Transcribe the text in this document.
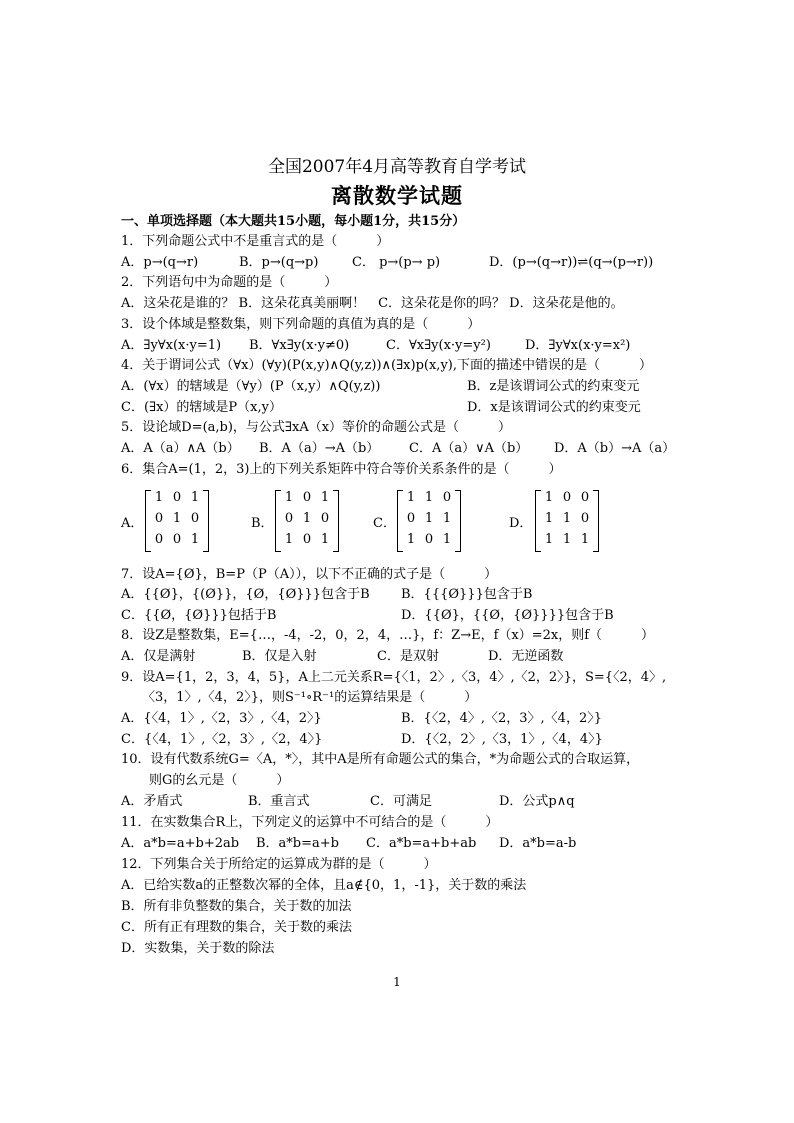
全国2007年4月高等教育自学考试
离散数学试题
一、单项选择题（本大题共15小题，每小题1分，共15分）
1．下列命题公式中不是重言式的是（　　　）
A．p→(q→r)	B．p→(q→p)	C． p→(p→ p)	D．(p→(q→r))⇌(q→(p→r))
2．下列语句中为命题的是（　　　）
A．这朵花是谁的？ B．这朵花真美丽啊！　C．这朵花是你的吗？ D．这朵花是他的。
3．设个体域是整数集，则下列命题的真值为真的是（　　　）
A．∃y∀x(x·y=1) B．∀x∃y(x·y≠0)	C．∀x∃y(x·y=y²)	D．∃y∀x(x·y=x²)
4．关于谓词公式（∀x）(∀y)(P(x,y)∧Q(y,z))∧(∃x)p(x,y),下面的描述中错误的是（　　　）
A．(∀x）的辖域是（∀y）(P（x,y）∧Q(y,z))	B．z是该谓词公式的约束变元
C．(∃x）的辖域是P（x,y）	D．x是该谓词公式的约束变元
5．设论域D=(a,b)，与公式∃xA（x）等价的命题公式是（　　　）
A．A（a）∧A（b） B．A（a）→A（b） C．A（a）∨A（b） D．A（b）→A（a）
6．集合A=(1，2，3)上的下列关系矩阵中符合等价关系条件的是（　　　）
A．
1 0 1
0 1 0
0 0 1
B．
1 0 1
0 1 0
1 0 1
C．
1 1 0
0 1 1
1 0 1
D．
1 0 0
1 1 0
1 1 1
7．设A={Ø}，B=P（P（A）），以下不正确的式子是（　　　）
A．{{Ø}，{(Ø}}，{Ø，{Ø}}}包含于B B．{{{Ø}}}包含于B
C．{{Ø，{Ø}}}包括于B	D．{{Ø}，{{Ø，{Ø}}}}包含于B
8．设Z是整数集，E={…，-4，-2，0，2，4，…}，f：Z→E，f（x）=2x，则f（　　　）
A．仅是满射	B．仅是入射	C．是双射	D．无逆函数
9．设A={1，2，3，4，5}，A上二元关系R={〈1，2〉,〈3，4〉,〈2，2〉}，S={〈2，4〉,
〈3，1〉,〈4，2〉}，则S⁻¹∘R⁻¹的运算结果是（　　　）
A．{〈4，1〉,〈2，3〉,〈4，2〉}	B．{〈2，4〉,〈2，3〉,〈4，2〉}
C．{〈4，1〉,〈2，3〉,〈2，4〉}	D．{〈2，2〉,〈3，1〉,〈4，4〉}
10．设有代数系统G=〈A，*〉，其中A是所有命题公式的集合，*为命题公式的合取运算，
则G的幺元是（　　　）
A．矛盾式	B．重言式	C．可满足	D．公式p∧q
11．在实数集合R上，下列定义的运算中不可结合的是（　　　）
A．a*b=a+b+2ab B．a*b=a+b C．a*b=a+b+ab D．a*b=a-b
12．下列集合关于所给定的运算成为群的是（　　　）
A．已给实数a的正整数次幂的全体，且a∉{0，1，-1}，关于数的乘法
B．所有非负整数的集合，关于数的加法
C．所有正有理数的集合，关于数的乘法
D．实数集，关于数的除法
1
